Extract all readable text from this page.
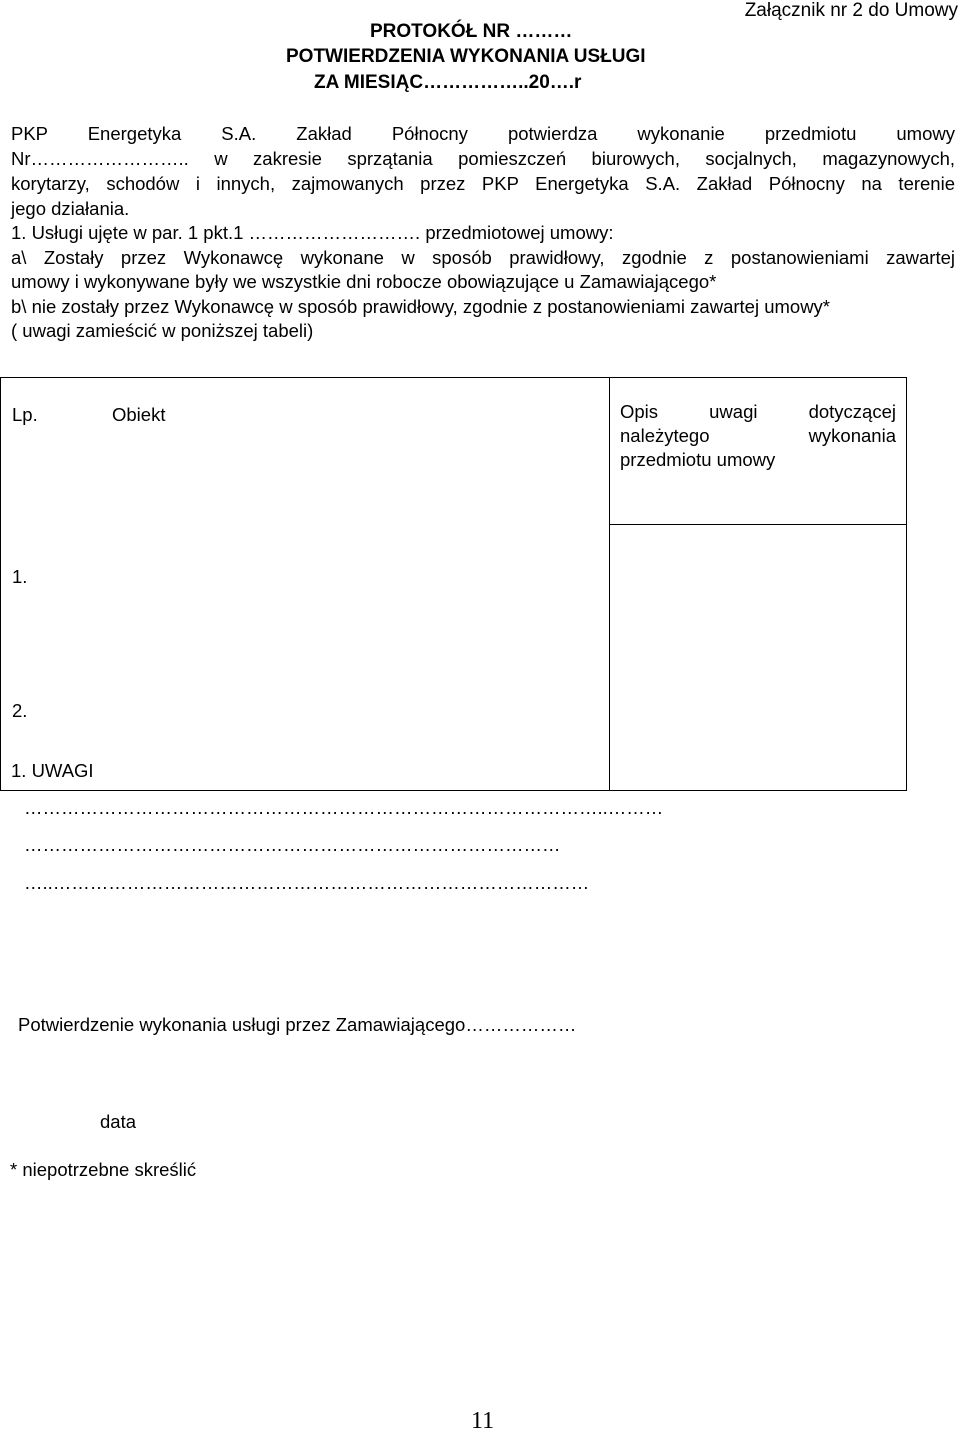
Załącznik nr 2 do Umowy
PROTOKÓŁ NR ………
POTWIERDZENIA WYKONANIA USŁUGI
ZA MIESIĄC……………..20….r
PKP Energetyka S.A. Zakład Północny potwierdza wykonanie przedmiotu umowy
Nr…………………….. w zakresie sprzątania pomieszczeń biurowych, socjalnych, magazynowych,
korytarzy, schodów i innych, zajmowanych przez PKP Energetyka S.A. Zakład Północny na terenie
jego działania.
1. Usługi ujęte w par. 1 pkt.1 ………………………. przedmiotowej umowy:
a\ Zostały przez Wykonawcę wykonane w sposób prawidłowy, zgodnie z postanowieniami zawartej
umowy i wykonywane były we wszystkie dni robocze obowiązujące u Zamawiającego*
b\ nie zostały przez Wykonawcę w sposób prawidłowy, zgodnie z postanowieniami zawartej umowy*
( uwagi zamieścić w poniższej tabeli)
Lp.	Obiekt	Opis uwagi dotyczącej należytego wykonania przedmiotu umowy
1.		
2.		
1. UWAGI
…………………………………………………………………………………..………
……………………………………………………………………………
…..……………………………………………………………………………
Potwierdzenie wykonania usługi przez Zamawiającego………………
data
* niepotrzebne skreślić
11
